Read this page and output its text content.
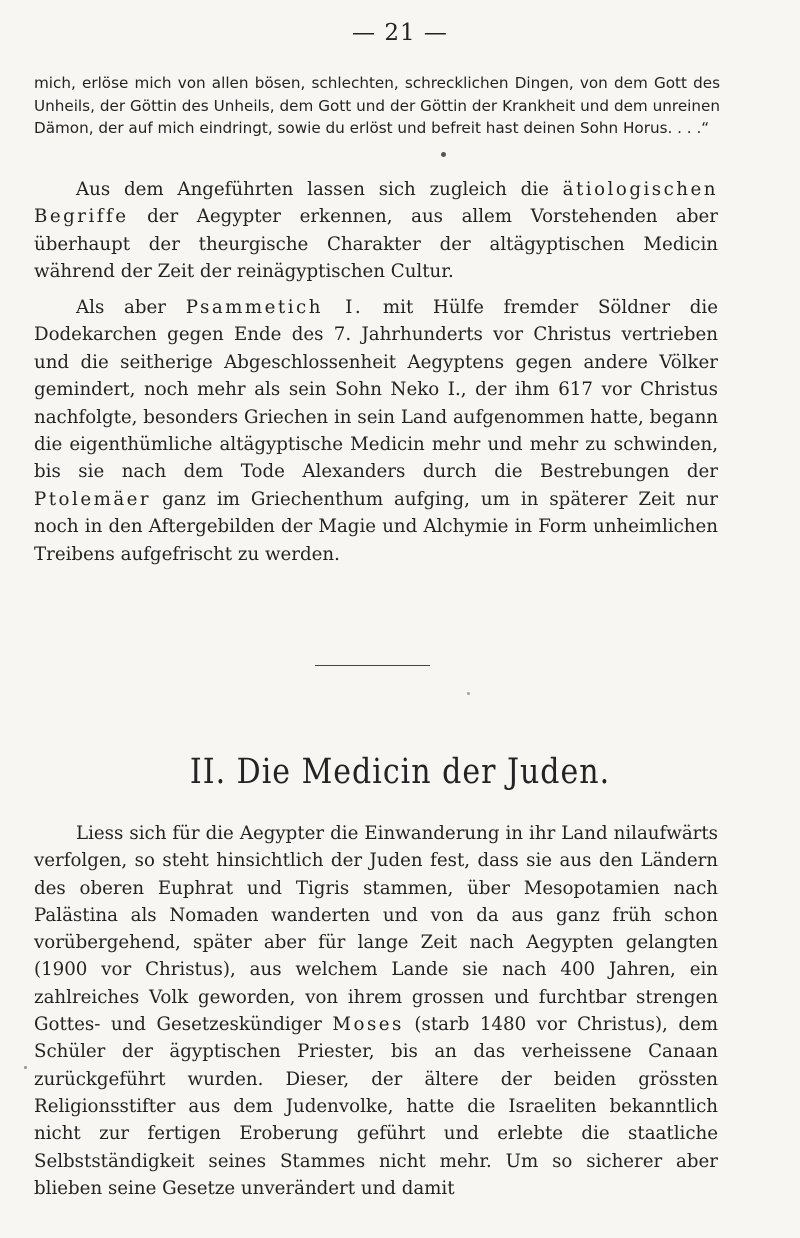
— 21 —
mich, erlöse mich von allen bösen, schlechten, schrecklichen Dingen, von dem Gott des Unheils, der Göttin des Unheils, dem Gott und der Göttin der Krankheit und dem unreinen Dämon, der auf mich eindringt, sowie du erlöst und befreit hast deinen Sohn Horus. . . .“

Aus dem Angeführten lassen sich zugleich die ätiologischen Begriffe der Aegypter erkennen, aus allem Vorstehenden aber überhaupt der theurgische Charakter der altägyptischen Medicin während der Zeit der reinägyptischen Cultur.

Als aber Psammetich I. mit Hülfe fremder Söldner die Dodekarchen gegen Ende des 7. Jahrhunderts vor Christus vertrieben und die seitherige Abgeschlossenheit Aegyptens gegen andere Völker gemindert, noch mehr als sein Sohn Neko I., der ihm 617 vor Christus nachfolgte, besonders Griechen in sein Land aufgenommen hatte, begann die eigenthümliche altägyptische Medicin mehr und mehr zu schwinden, bis sie nach dem Tode Alexanders durch die Bestrebungen der Ptolemäer ganz im Griechenthum aufging, um in späterer Zeit nur noch in den Aftergebilden der Magie und Alchymie in Form unheimlichen Treibens aufgefrischt zu werden.

II. Die Medicin der Juden.

Liess sich für die Aegypter die Einwanderung in ihr Land nilaufwärts verfolgen, so steht hinsichtlich der Juden fest, dass sie aus den Ländern des oberen Euphrat und Tigris stammen, über Mesopotamien nach Palästina als Nomaden wanderten und von da aus ganz früh schon vorübergehend, später aber für lange Zeit nach Aegypten gelangten (1900 vor Christus), aus welchem Lande sie nach 400 Jahren, ein zahlreiches Volk geworden, von ihrem grossen und furchtbar strengen Gottes- und Gesetzeskündiger Moses (starb 1480 vor Christus), dem Schüler der ägyptischen Priester, bis an das verheissene Canaan zurückgeführt wurden. Dieser, der ältere der beiden grössten Religionsstifter aus dem Judenvolke, hatte die Israeliten bekanntlich nicht zur fertigen Eroberung geführt und erlebte die staatliche Selbstständigkeit seines Stammes nicht mehr. Um so sicherer aber blieben seine Gesetze unverändert und damit
